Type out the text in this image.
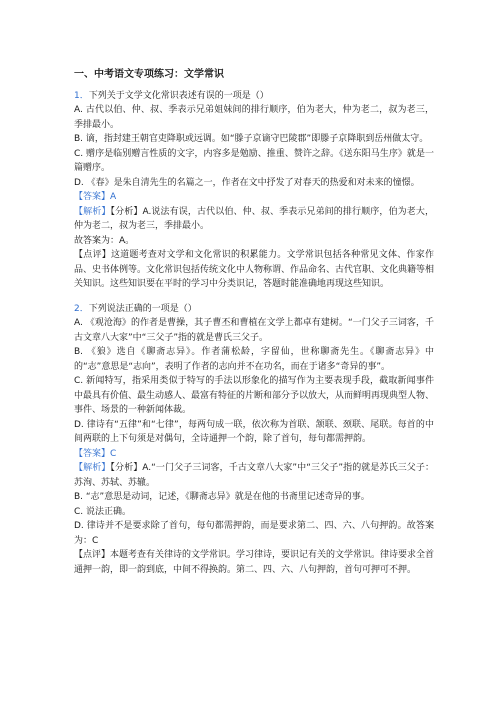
一、中考语文专项练习：文学常识

1．下列关于文学文化常识表述有误的一项是（）

A. 古代以伯、仲、叔、季表示兄弟姐妹间的排行顺序，伯为老大，仲为老二，叔为老三，季排最小。

B. 谪，指封建王朝官吏降职或远调。如“滕子京谪守巴陵郡”即滕子京降职到岳州做太守。

C. 赠序是临别赠言性质的文字，内容多是勉励、推重、赞许之辞。《送东阳马生序》就是一篇赠序。

D. 《春》是朱自清先生的名篇之一，作者在文中抒发了对春天的热爱和对未来的憧憬。

【答案】A

【解析】【分析】A.说法有误，古代以伯、仲、叔、季表示兄弟间的排行顺序，伯为老大，仲为老二，叔为老三，季排最小。

故答案为：A。

【点评】这道题考查对文学和文化常识的积累能力。文学常识包括各种常见文体、作家作品、史书体例等。文化常识包括传统文化中人物称谓、作品命名、古代官职、文化典籍等相关知识。这些知识要在平时的学习中分类识记，答题时能准确地再现这些知识。

2．下列说法正确的一项是（）

A. 《观沧海》的作者是曹操，其子曹丕和曹植在文学上都卓有建树。“一门父子三词客，千古文章八大家”中“三父子”指的就是曹氏三父子。

B. 《狼》选自《聊斋志异》。作者蒲松龄，字留仙，世称聊斋先生。《聊斋志异》中的“志”意思是“志向”，表明了作者的志向并不在功名，而在于诸多“奇异的事”。

C. 新闻特写，指采用类似于特写的手法以形象化的描写作为主要表现手段，截取新闻事件中最具有价值、最生动感人、最富有特征的片断和部分予以放大，从而鲜明再现典型人物、事件、场景的一种新闻体裁。

D. 律诗有“五律”和“七律”，每两句成一联，依次称为首联、颔联、颈联、尾联。每首的中间两联的上下句须是对偶句，全诗通押一个韵，除了首句，每句都需押韵。

【答案】C

【解析】【分析】A.“一门父子三词客，千古文章八大家”中“三父子”指的就是苏氏三父子：苏洵、苏轼、苏辙。

B. “志”意思是动词，记述，《聊斋志异》就是在他的书斋里记述奇异的事。

C. 说法正确。

D. 律诗并不是要求除了首句，每句都需押韵，而是要求第二、四、六、八句押韵。故答案为：C

【点评】本题考查有关律诗的文学常识。学习律诗，要识记有关的文学常识。律诗要求全首通押一韵，即一韵到底，中间不得换韵。第二、四、六、八句押韵，首句可押可不押。
